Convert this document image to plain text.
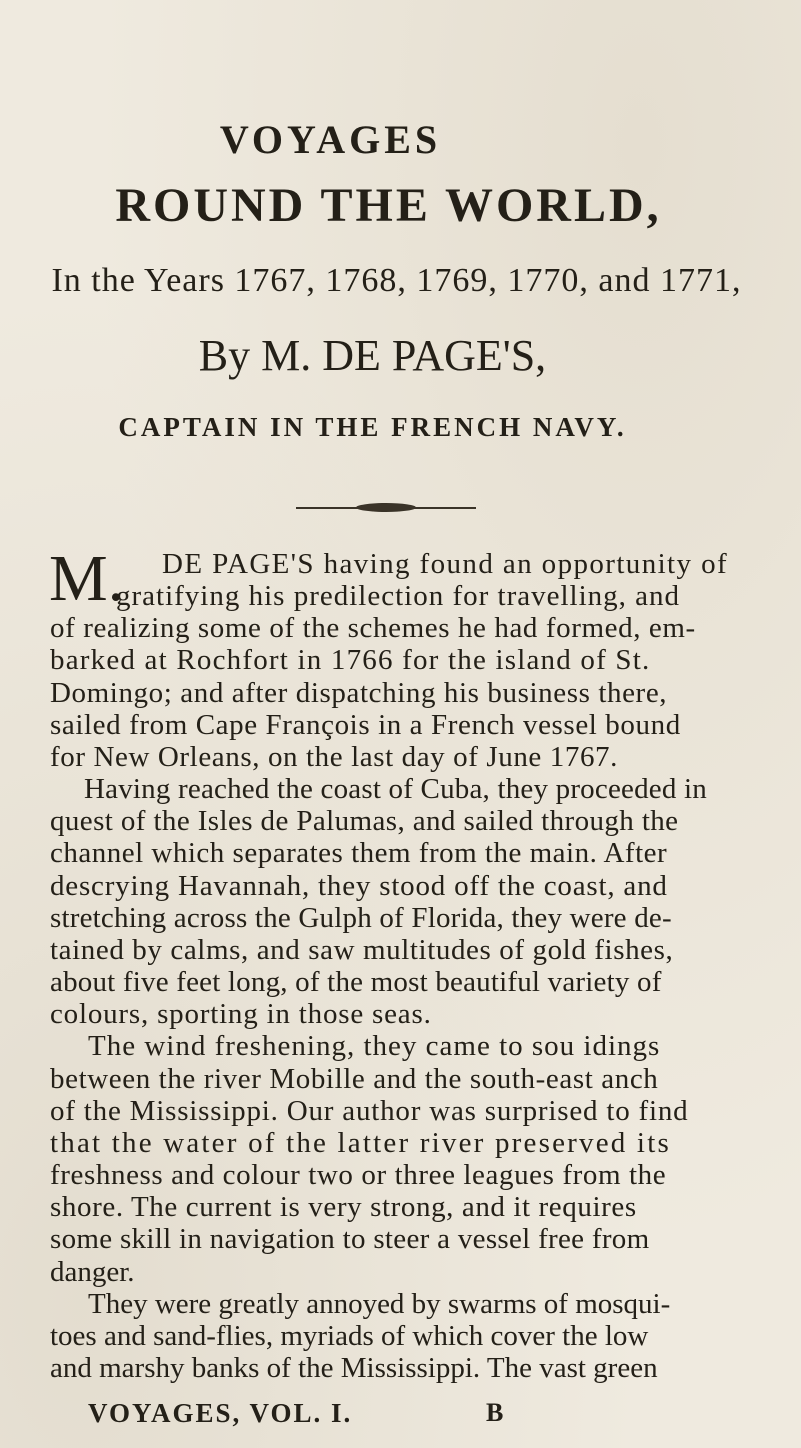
VOYAGES
ROUND THE WORLD,
In the Years 1767, 1768, 1769, 1770, and 1771,
By M. DE PAGE'S,
CAPTAIN IN THE FRENCH NAVY.
M. DE PAGE'S having found an opportunity of
gratifying his predilection for travelling, and
of realizing some of the schemes he had formed, em-
barked at Rochfort in 1766 for the island of St.
Domingo; and after dispatching his business there,
sailed from Cape François in a French vessel bound
for New Orleans, on the last day of June 1767.
Having reached the coast of Cuba, they proceeded in
quest of the Isles de Palumas, and sailed through the
channel which separates them from the main. After
descrying Havannah, they stood off the coast, and
stretching across the Gulph of Florida, they were de-
tained by calms, and saw multitudes of gold fishes,
about five feet long, of the most beautiful variety of
colours, sporting in those seas.
The wind freshening, they came to sou idings
between the river Mobille and the south-east anch
of the Mississippi. Our author was surprised to find
that the water of the latter river preserved its
freshness and colour two or three leagues from the
shore. The current is very strong, and it requires
some skill in navigation to steer a vessel free from
VOYAGES, VOL. I.	B
danger.
They were greatly annoyed by swarms of mosqui-
toes and sand-flies, myriads of which cover the low
and marshy banks of the Mississippi. The vast green
